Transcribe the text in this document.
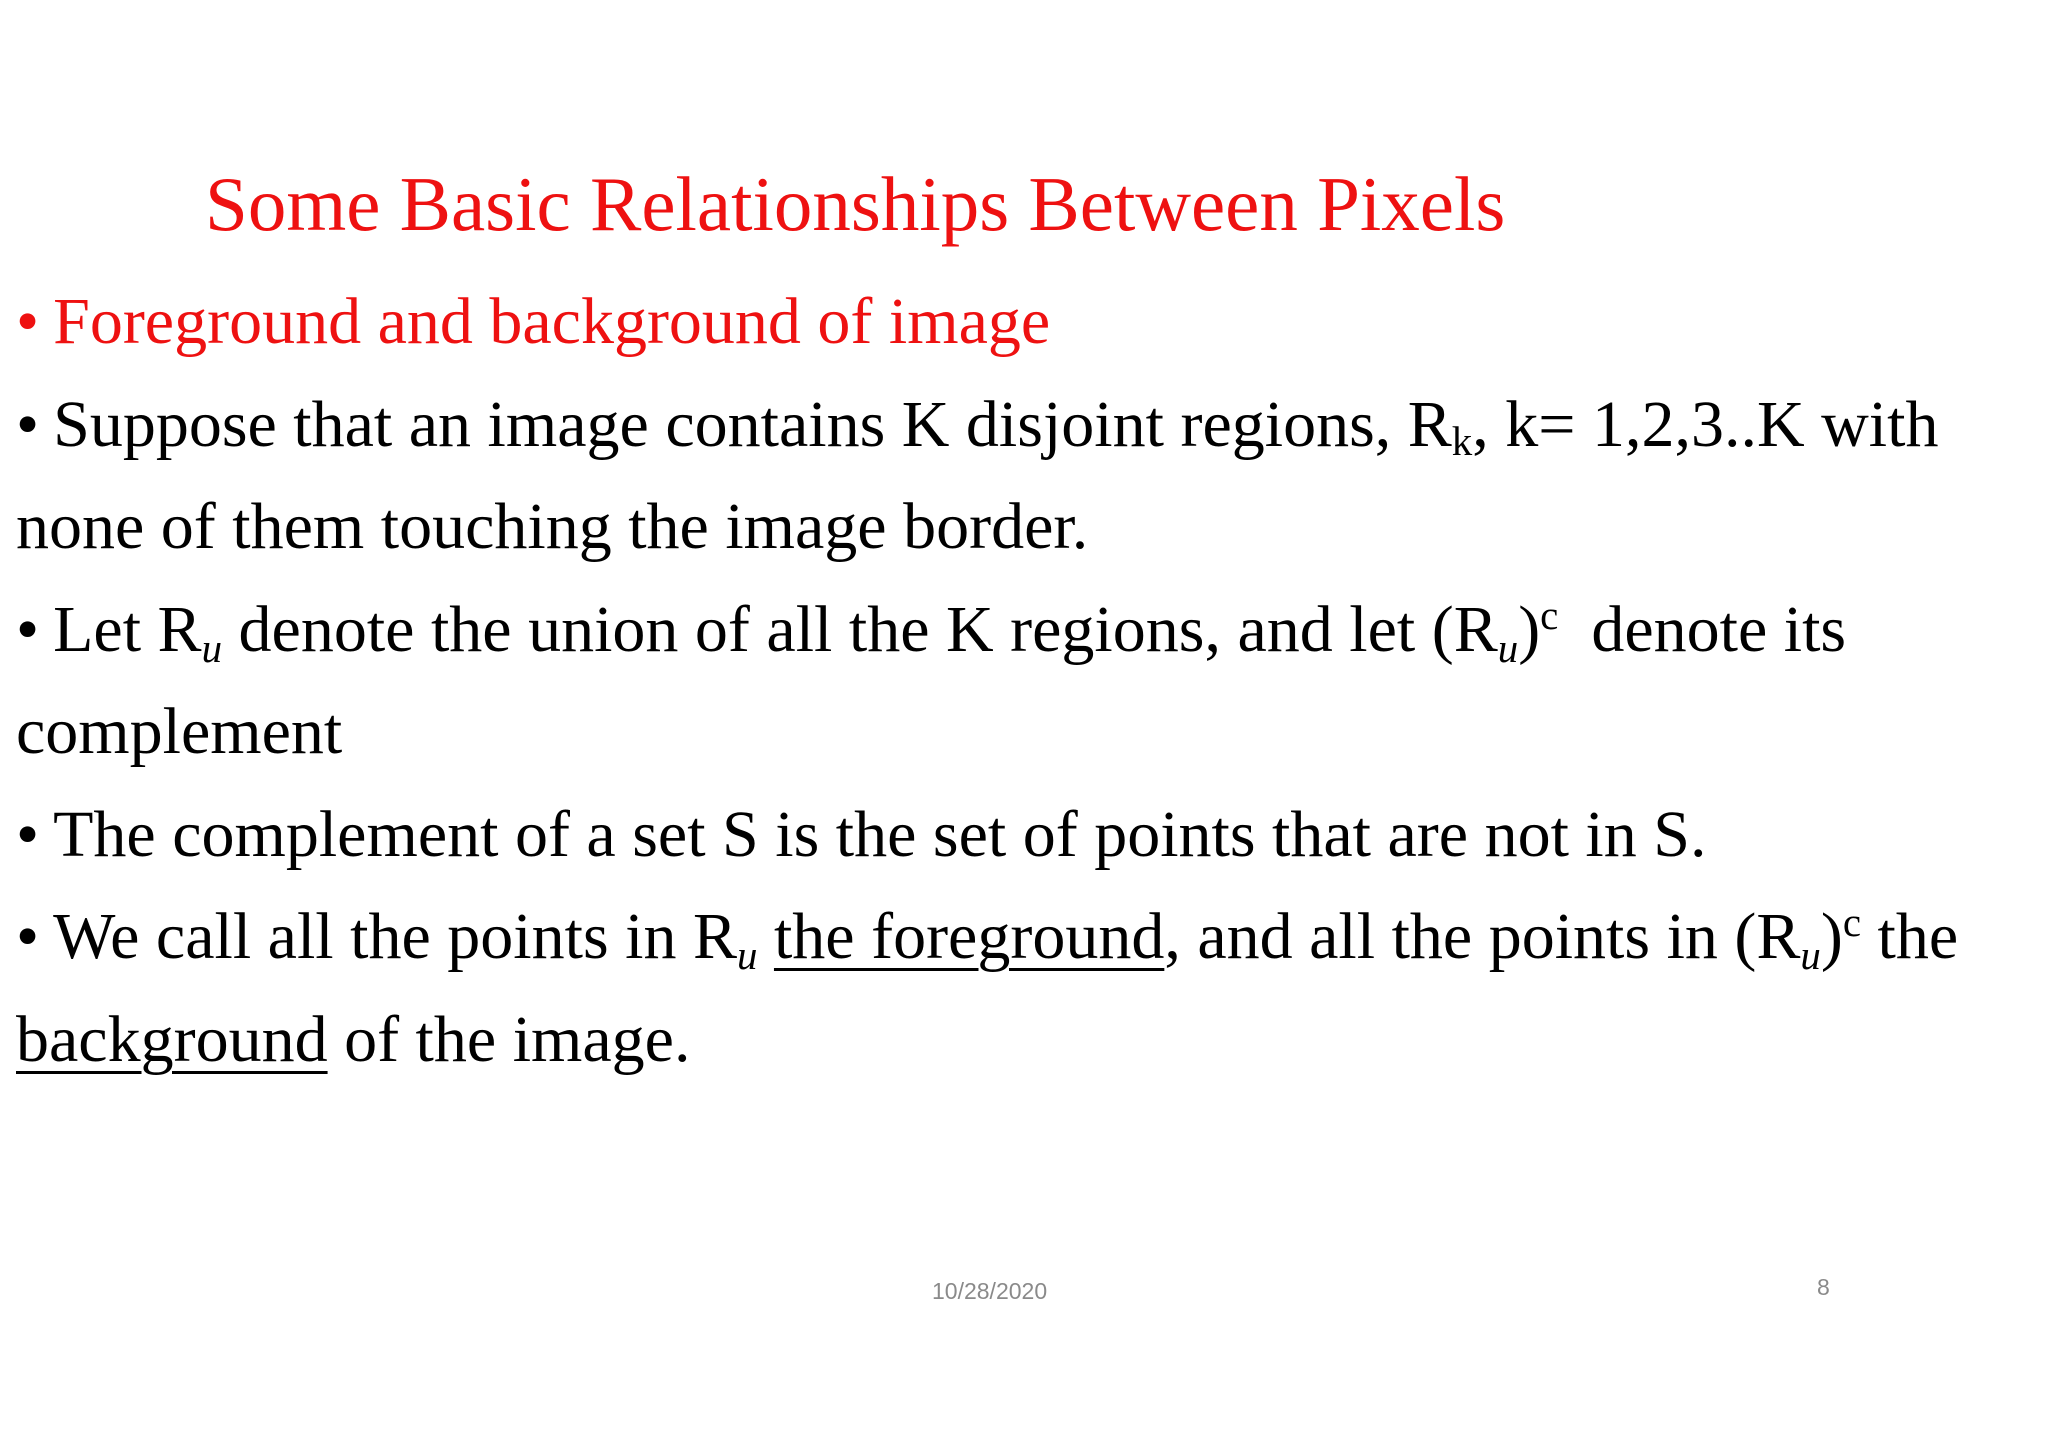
Some Basic Relationships Between Pixels
• Foreground and background of image
• Suppose that an image contains K disjoint regions, $R_k$, k= 1,2,3..K with
none of them touching the image border.
• Let $R_u$ denote the union of all the K regions, and let $(R_u)^c$  denote its
complement
• The complement of a set S is the set of points that are not in S.
• We call all the points in $R_u$ the foreground, and all the points in $(R_u)^c$ the
background of the image.
10/28/2020	8
